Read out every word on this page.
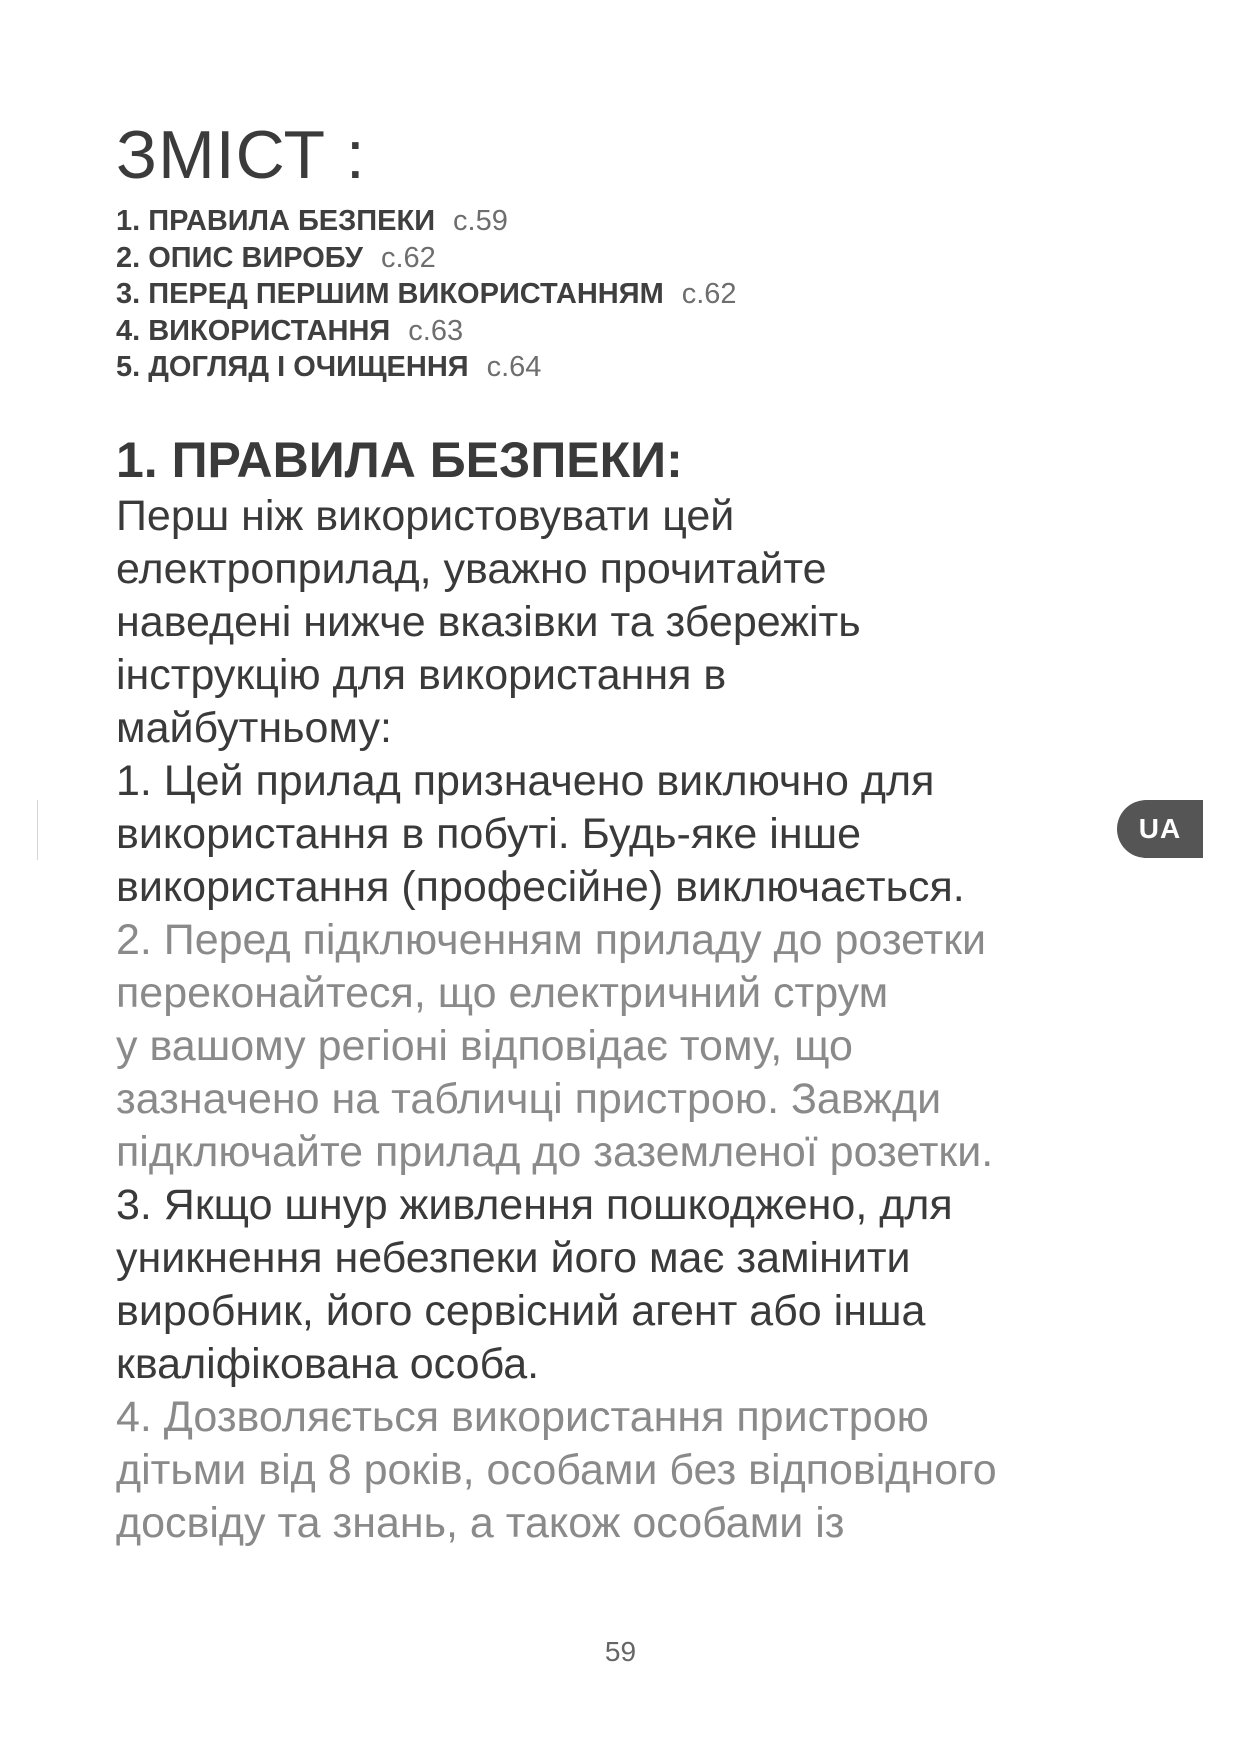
ЗМІСТ :
1. ПРАВИЛА БЕЗПЕКИ с.59
2. ОПИС ВИРОБУ с.62
3. ПЕРЕД ПЕРШИМ ВИКОРИСТАННЯМ с.62
4. ВИКОРИСТАННЯ с.63
5. ДОГЛЯД І ОЧИЩЕННЯ с.64
1. ПРАВИЛА БЕЗПЕКИ:

Перш ніж використовувати цей
електроприлад, уважно прочитайте
наведені нижче вказівки та збережіть
інструкцію для використання в
майбутньому:

1. Цей прилад призначено виключно для
використання в побуті. Будь-яке інше
використання (професійне) виключається.

2. Перед підключенням приладу до розетки
переконайтеся, що електричний струм
у вашому регіоні відповідає тому, що
зазначено на табличці пристрою. Завжди
підключайте прилад до заземленої розетки.

3. Якщо шнур живлення пошкоджено, для
уникнення небезпеки його має замінити
виробник, його сервісний агент або інша
кваліфікована особа.

4. Дозволяється використання пристрою
дітьми від 8 років, особами без відповідного
досвіду та знань, а також особами із

UA
59
